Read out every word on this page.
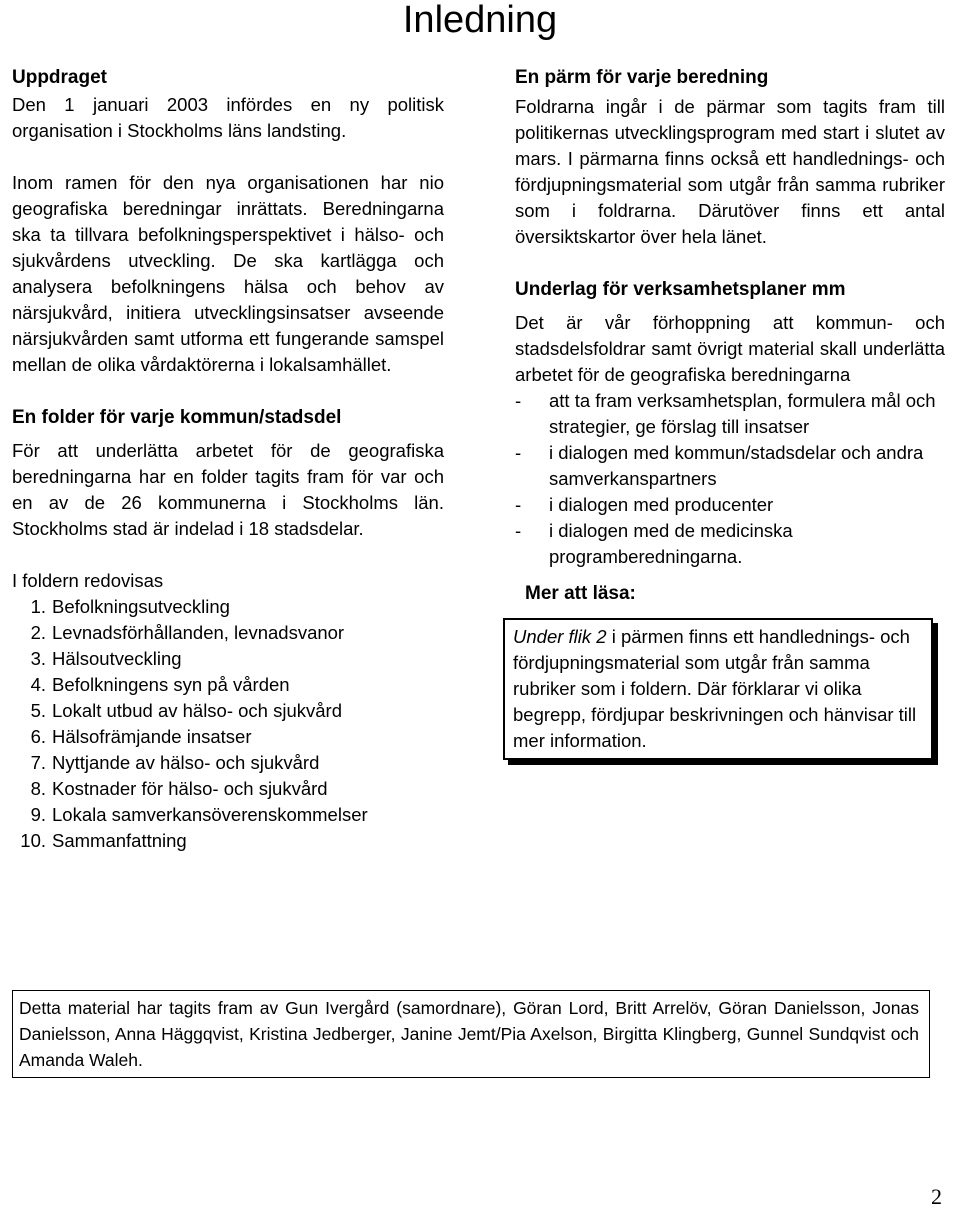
Inledning

Uppdraget

Den 1 januari 2003 infördes en ny politisk organisation i Stockholms läns landsting.

Inom ramen för den nya organisationen har nio geografiska beredningar inrättats. Beredningarna ska ta tillvara befolkningsperspektivet i hälso- och sjukvårdens utveckling. De ska kartlägga och analysera befolkningens hälsa och behov av närsjukvård, initiera utvecklingsinsatser avseende närsjukvården samt utforma ett fungerande samspel mellan de olika vårdaktörerna i lokalsamhället.

En folder för varje kommun/stadsdel

För att underlätta arbetet för de geografiska beredningarna har en folder tagits fram för var och en av de 26 kommunerna i Stockholms län. Stockholms stad är indelad i 18 stadsdelar.

I foldern redovisas

1. Befolkningsutveckling
2. Levnadsförhållanden, levnadsvanor
3. Hälsoutveckling
4. Befolkningens syn på vården
5. Lokalt utbud av hälso- och sjukvård
6. Hälsofrämjande insatser
7. Nyttjande av hälso- och sjukvård
8. Kostnader för hälso- och sjukvård
9. Lokala samverkansöverenskommelser
10. Sammanfattning

En pärm för varje beredning

Foldrarna ingår i de pärmar som tagits fram till politikernas utvecklingsprogram med start i slutet av mars. I pärmarna finns också ett handlednings- och fördjupningsmaterial som utgår från samma rubriker som i foldrarna. Därutöver finns ett antal översiktskartor över hela länet.

Underlag för verksamhetsplaner mm

Det är vår förhoppning att kommun- och stadsdelsfoldrar samt övrigt material skall underlätta arbetet för de geografiska beredningarna

-	att ta fram verksamhetsplan, formulera mål och strategier, ge förslag till insatser
-	i dialogen med kommun/stadsdelar och andra samverkanspartners
-	i dialogen med producenter
-	i dialogen med de medicinska programberedningarna.

Mer att läsa:

Under flik 2 i pärmen finns ett handlednings- och fördjupningsmaterial som utgår från samma rubriker som i foldern. Där förklarar vi olika begrepp, fördjupar beskrivningen och hänvisar till mer information.
Detta material har tagits fram av Gun Ivergård (samordnare), Göran Lord, Britt Arrelöv, Göran Danielsson, Jonas Danielsson, Anna Häggqvist, Kristina Jedberger, Janine Jemt/Pia Axelson, Birgitta Klingberg, Gunnel Sundqvist och Amanda Waleh.
2
